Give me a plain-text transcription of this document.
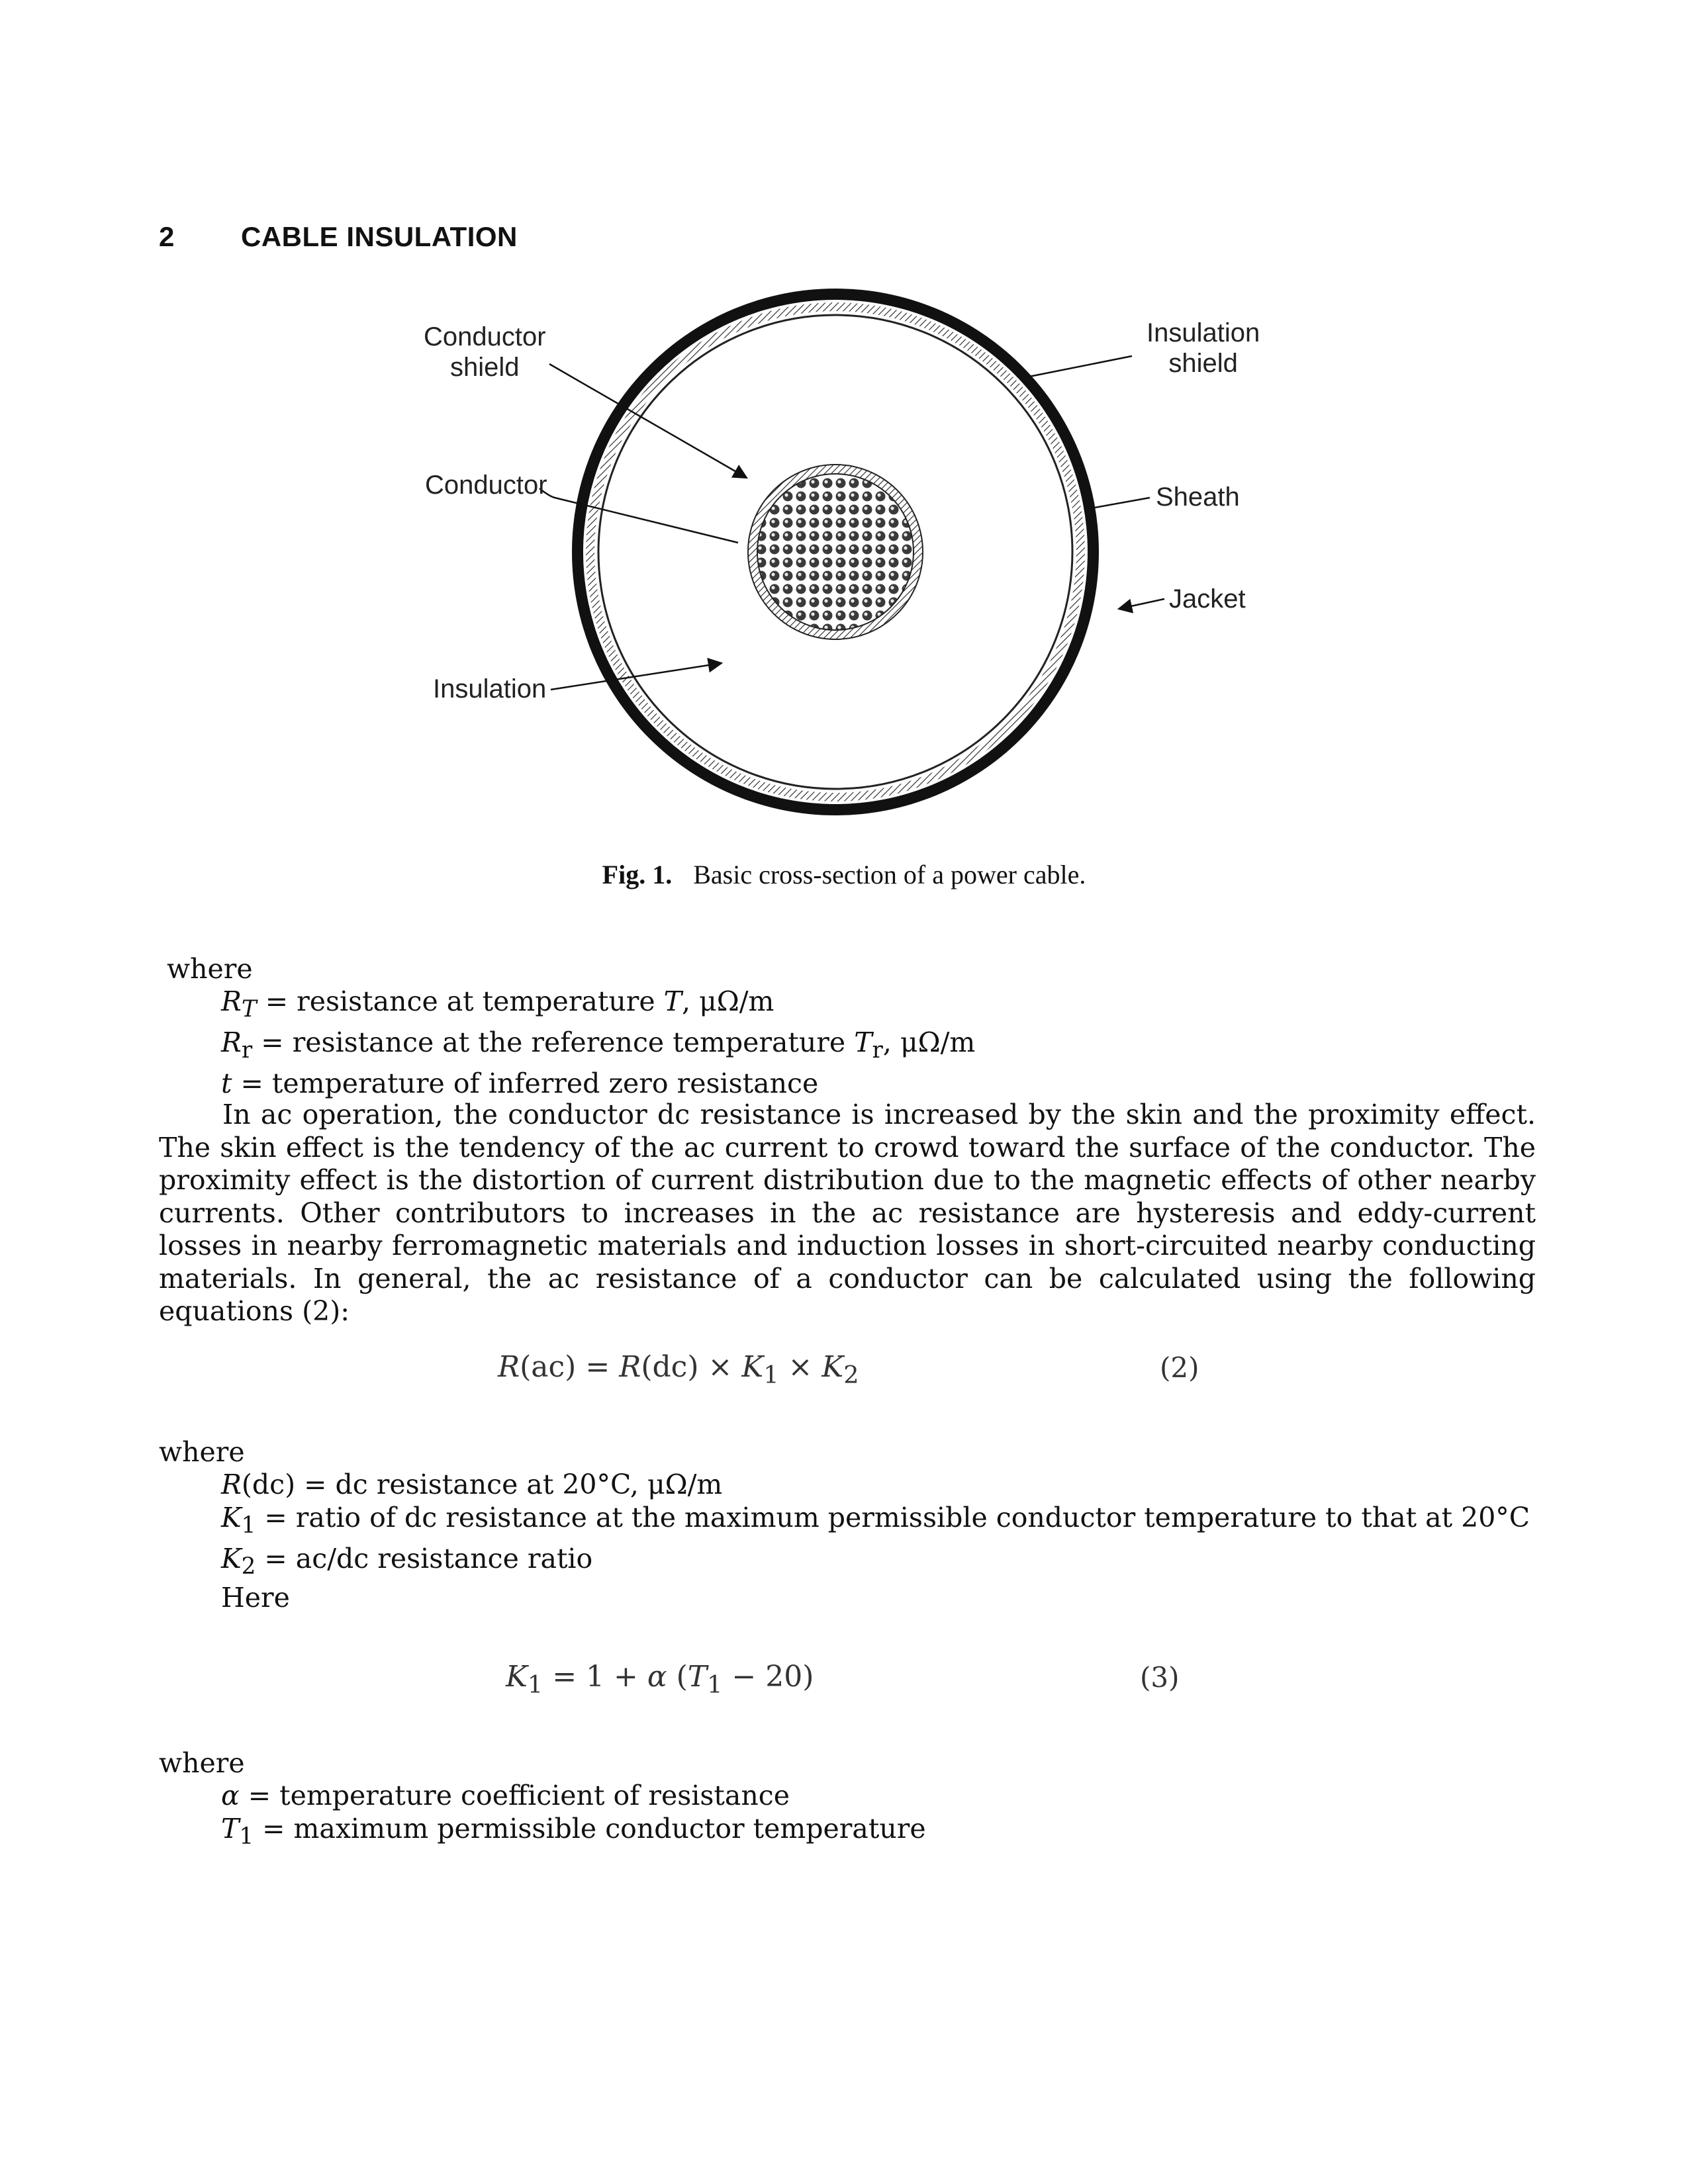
2 CABLE INSULATION
Conductor
shield
Insulation
shield
Conductor	Sheath
Jacket
Insulation
Fig. 1. Basic cross-section of a power cable.
where
$R_T$ = resistance at temperature T, μΩ/m
$R_r$ = resistance at the reference temperature $T_r$, μΩ/m
t = temperature of inferred zero resistance

In ac operation, the conductor dc resistance is increased by the skin and the proximity effect. The skin effect is the tendency of the ac current to crowd toward the surface of the conductor. The proximity effect is the distortion of current distribution due to the magnetic effects of other nearby currents. Other contributors to increases in the ac resistance are hysteresis and eddy-current losses in nearby ferromagnetic materials and induction losses in short-circuited nearby conducting materials. In general, the ac resistance of a conductor can be calculated using the following equations (2):

$R(ac) = R(dc) \times K_1 \times K_2$	(2)
where
R(dc) = dc resistance at 20°C, μΩ/m
$K_1$ = ratio of dc resistance at the maximum permissible conductor temperature to that at 20°C
$K_2 = ac/dc$ resistance ratio
Here
$K_1 = 1 + \alpha$ $(T_1 - 20)$	(3)
where
α = temperature coefficient of resistance
$T_1$ = maximum permissible conductor temperature
